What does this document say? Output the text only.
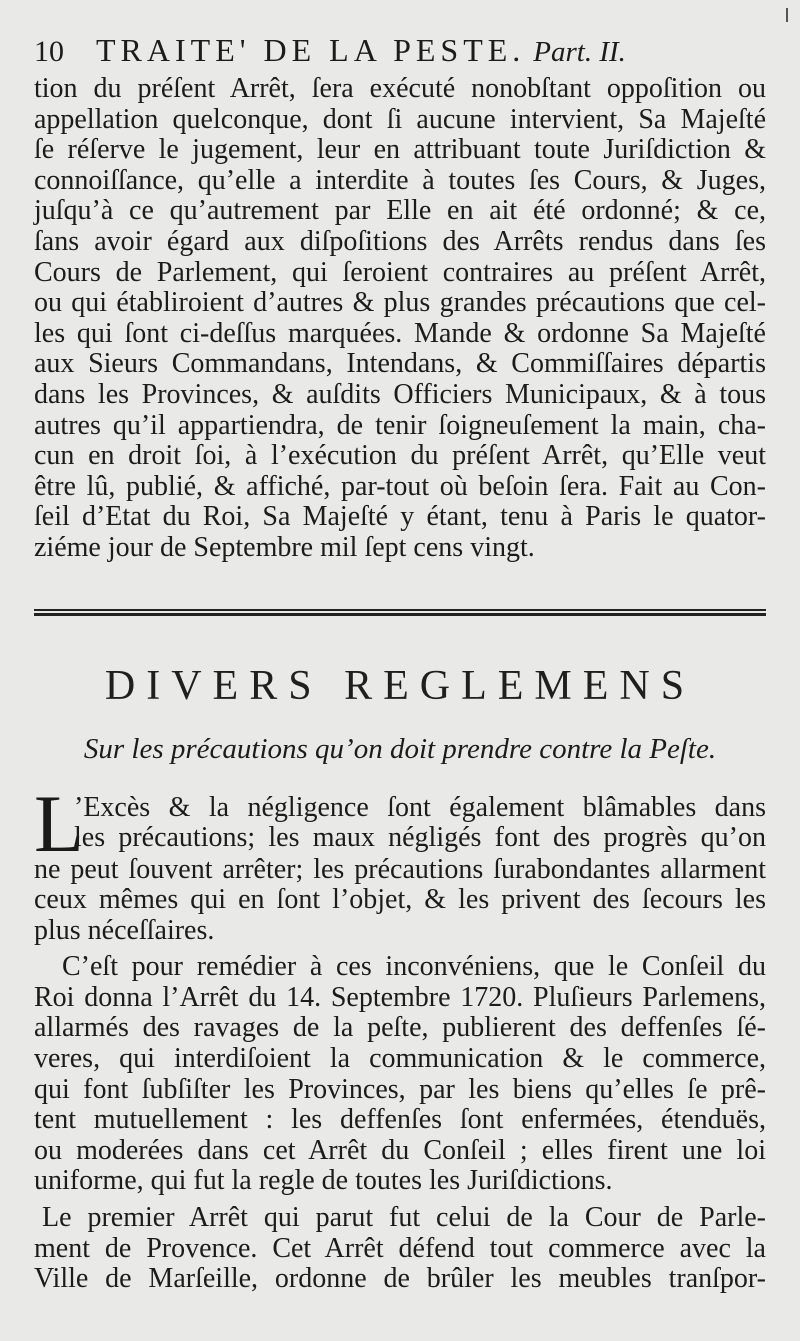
10	TRAITE' DE LA PESTE. Part. II.
tion du préſent Arrêt, ſera exécuté nonobſtant oppoſition ou
appellation quelconque, dont ſi aucune intervient, Sa Majeſté
ſe réſerve le jugement, leur en attribuant toute Juriſdiction &
connoiſſance, qu’elle a interdite à toutes ſes Cours, & Juges,
juſqu’à ce qu’autrement par Elle en ait été ordonné; & ce,
ſans avoir égard aux diſpoſitions des Arrêts rendus dans ſes
Cours de Parlement, qui ſeroient contraires au préſent Arrêt,
ou qui établiroient d’autres & plus grandes précautions que cel-
les qui ſont ci-deſſus marquées. Mande & ordonne Sa Majeſté
aux Sieurs Commandans, Intendans, & Commiſſaires départis
dans les Provinces, & auſdits Officiers Municipaux, & à tous
autres qu’il appartiendra, de tenir ſoigneuſement la main, cha-
cun en droit ſoi, à l’exécution du préſent Arrêt, qu’Elle veut
être lû, publié, & affiché, par-tout où beſoin ſera. Fait au Con-
ſeil d’Etat du Roi, Sa Majeſté y étant, tenu à Paris le quator-
ziéme jour de Septembre mil ſept cens vingt.
DIVERS REGLEMENS
Sur les précautions qu’on doit prendre contre la Peſte.
L
’Excès & la négligence ſont également blâmables dans
les précautions; les maux négligés font des progrès qu’on
ne peut ſouvent arrêter; les précautions ſurabondantes allarment
ceux mêmes qui en ſont l’objet, & les privent des ſecours les
plus néceſſaires.
C’eſt pour remédier à ces inconvéniens, que le Conſeil du
Roi donna l’Arrêt du 14. Septembre 1720. Pluſieurs Parlemens,
allarmés des ravages de la peſte, publierent des deffenſes ſé-
veres, qui interdiſoient la communication & le commerce,
qui font ſubſiſter les Provinces, par les biens qu’elles ſe prê-
tent mutuellement : les deffenſes ſont enfermées, étenduës,
ou moderées dans cet Arrêt du Conſeil ; elles firent une loi
uniforme, qui fut la regle de toutes les Juriſdictions.
Le premier Arrêt qui parut fut celui de la Cour de Parle-
ment de Provence. Cet Arrêt défend tout commerce avec la
Ville de Marſeille, ordonne de brûler les meubles tranſpor-
